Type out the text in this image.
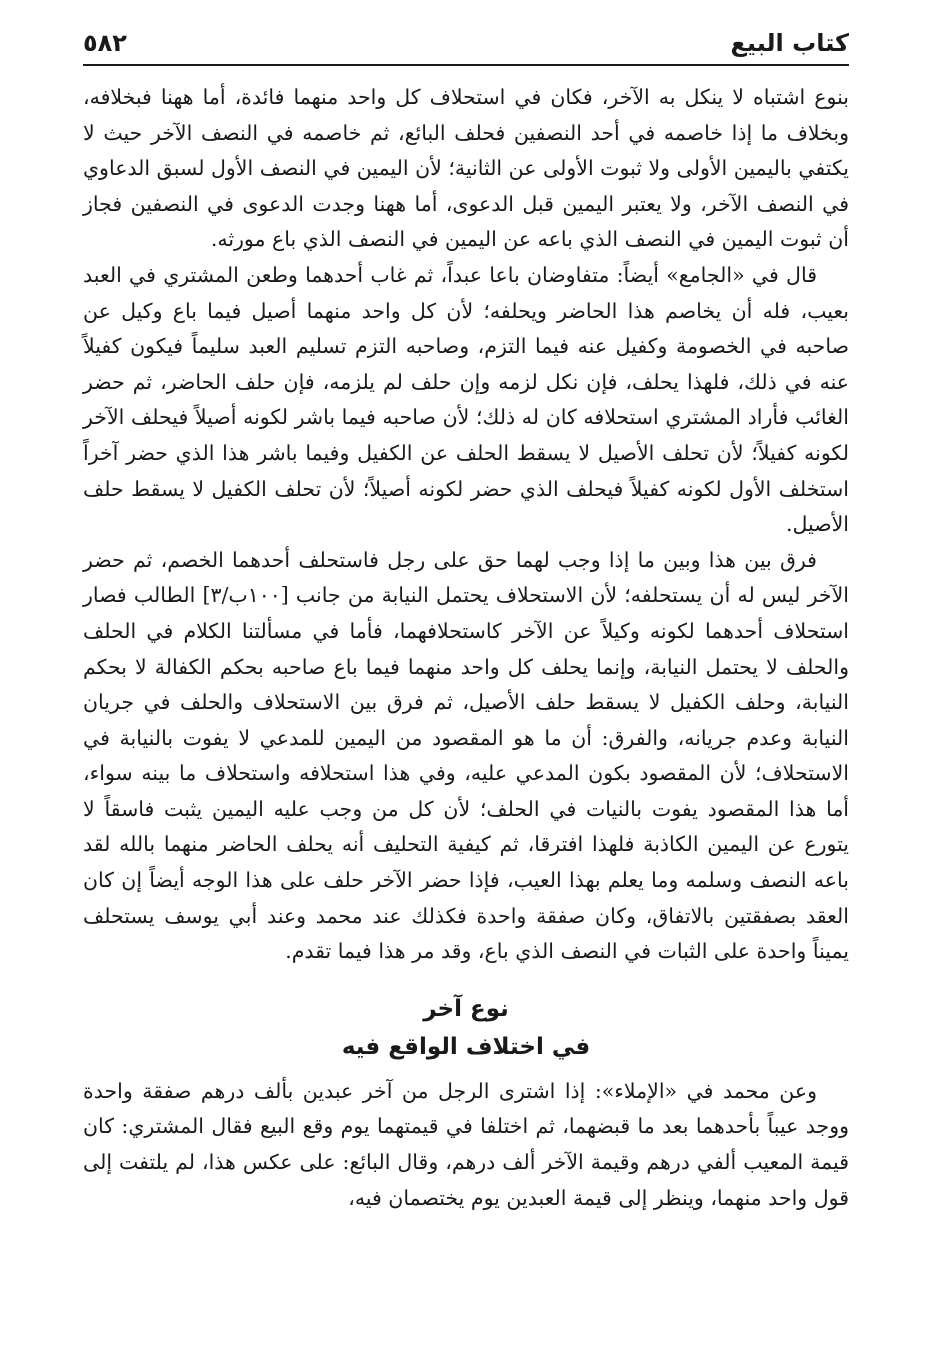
كتاب البيع
٥٨٢

بنوع اشتباه لا ينكل به الآخر، فكان في استحلاف كل واحد منهما فائدة، أما ههنا فبخلافه، وبخلاف ما إذا خاصمه في أحد النصفين فحلف البائع، ثم خاصمه في النصف الآخر حيث لا يكتفي باليمين الأولى ولا ثبوت الأولى عن الثانية؛ لأن اليمين في النصف الأول لسبق الدعاوي في النصف الآخر، ولا يعتبر اليمين قبل الدعوى، أما ههنا وجدت الدعوى في النصفين فجاز أن ثبوت اليمين في النصف الذي باعه عن اليمين في النصف الذي باع مورثه.

قال في «الجامع» أيضاً: متفاوضان باعا عبداً، ثم غاب أحدهما وطعن المشتري في العبد بعيب، فله أن يخاصم هذا الحاضر ويحلفه؛ لأن كل واحد منهما أصيل فيما باع وكيل عن صاحبه في الخصومة وكفيل عنه فيما التزم، وصاحبه التزم تسليم العبد سليماً فيكون كفيلاً عنه في ذلك، فلهذا يحلف، فإن نكل لزمه وإن حلف لم يلزمه، فإن حلف الحاضر، ثم حضر الغائب فأراد المشتري استحلافه كان له ذلك؛ لأن صاحبه فيما باشر لكونه أصيلاً فيحلف الآخر لكونه كفيلاً؛ لأن تحلف الأصيل لا يسقط الحلف عن الكفيل وفيما باشر هذا الذي حضر آخراً استخلف الأول لكونه كفيلاً فيحلف الذي حضر لكونه أصيلاً؛ لأن تحلف الكفيل لا يسقط حلف الأصيل.

فرق بين هذا وبين ما إذا وجب لهما حق على رجل فاستحلف أحدهما الخصم، ثم حضر الآخر ليس له أن يستحلفه؛ لأن الاستحلاف يحتمل النيابة من جانب [١٠٠ب/٣] الطالب فصار استحلاف أحدهما لكونه وكيلاً عن الآخر كاستحلافهما، فأما في مسألتنا الكلام في الحلف والحلف لا يحتمل النيابة، وإنما يحلف كل واحد منهما فيما باع صاحبه بحكم الكفالة لا بحكم النيابة، وحلف الكفيل لا يسقط حلف الأصيل، ثم فرق بين الاستحلاف والحلف في جريان النيابة وعدم جريانه، والفرق: أن ما هو المقصود من اليمين للمدعي لا يفوت بالنيابة في الاستحلاف؛ لأن المقصود بكون المدعي عليه، وفي هذا استحلافه واستحلاف ما بينه سواء، أما هذا المقصود يفوت بالنيات في الحلف؛ لأن كل من وجب عليه اليمين يثبت فاسقاً لا يتورع عن اليمين الكاذبة فلهذا افترقا، ثم كيفية التحليف أنه يحلف الحاضر منهما بالله لقد باعه النصف وسلمه وما يعلم بهذا العيب، فإذا حضر الآخر حلف على هذا الوجه أيضاً إن كان العقد بصفقتين بالاتفاق، وكان صفقة واحدة فكذلك عند محمد وعند أبي يوسف يستحلف يميناً واحدة على الثبات في النصف الذي باع، وقد مر هذا فيما تقدم.

نوع آخر
في اختلاف الواقع فيه

وعن محمد في «الإملاء»: إذا اشترى الرجل من آخر عبدين بألف درهم صفقة واحدة ووجد عيباً بأحدهما بعد ما قبضهما، ثم اختلفا في قيمتهما يوم وقع البيع فقال المشتري: كان قيمة المعيب ألفي درهم وقيمة الآخر ألف درهم، وقال البائع: على عكس هذا، لم يلتفت إلى قول واحد منهما، وينظر إلى قيمة العبدين يوم يختصمان فيه،
